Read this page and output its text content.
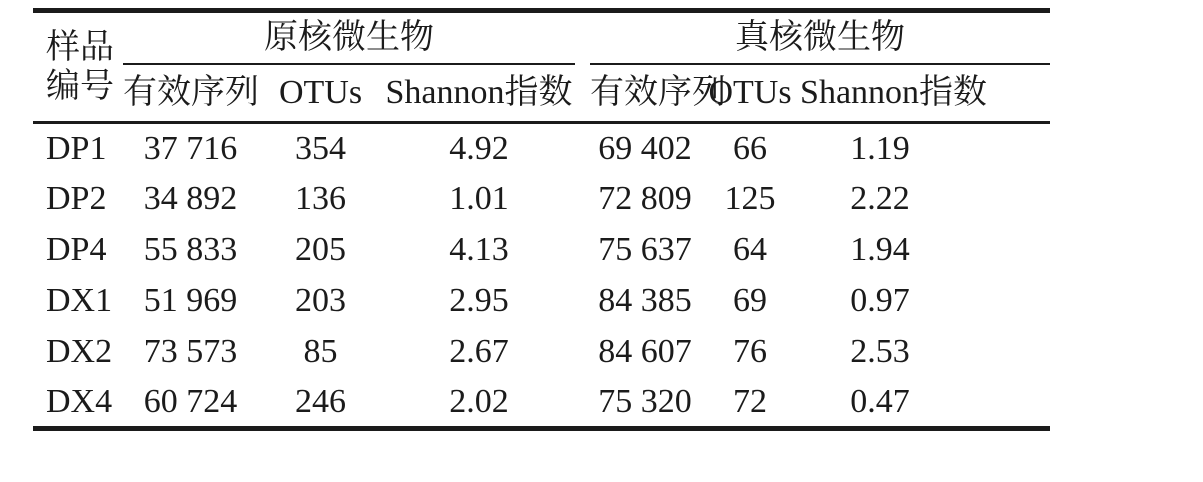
样品
编号	原核微生物				真核微生物			
	有效序列	OTUs	Shannon指数		有效序列	OTUs	Shannon指数	
DP1	37 716	354	4.92		69 402	66	1.19	
DP2	34 892	136	1.01		72 809	125	2.22	
DP4	55 833	205	4.13		75 637	64	1.94	
DX1	51 969	203	2.95		84 385	69	0.97	
DX2	73 573	85	2.67		84 607	76	2.53	
DX4	60 724	246	2.02		75 320	72	0.47	
